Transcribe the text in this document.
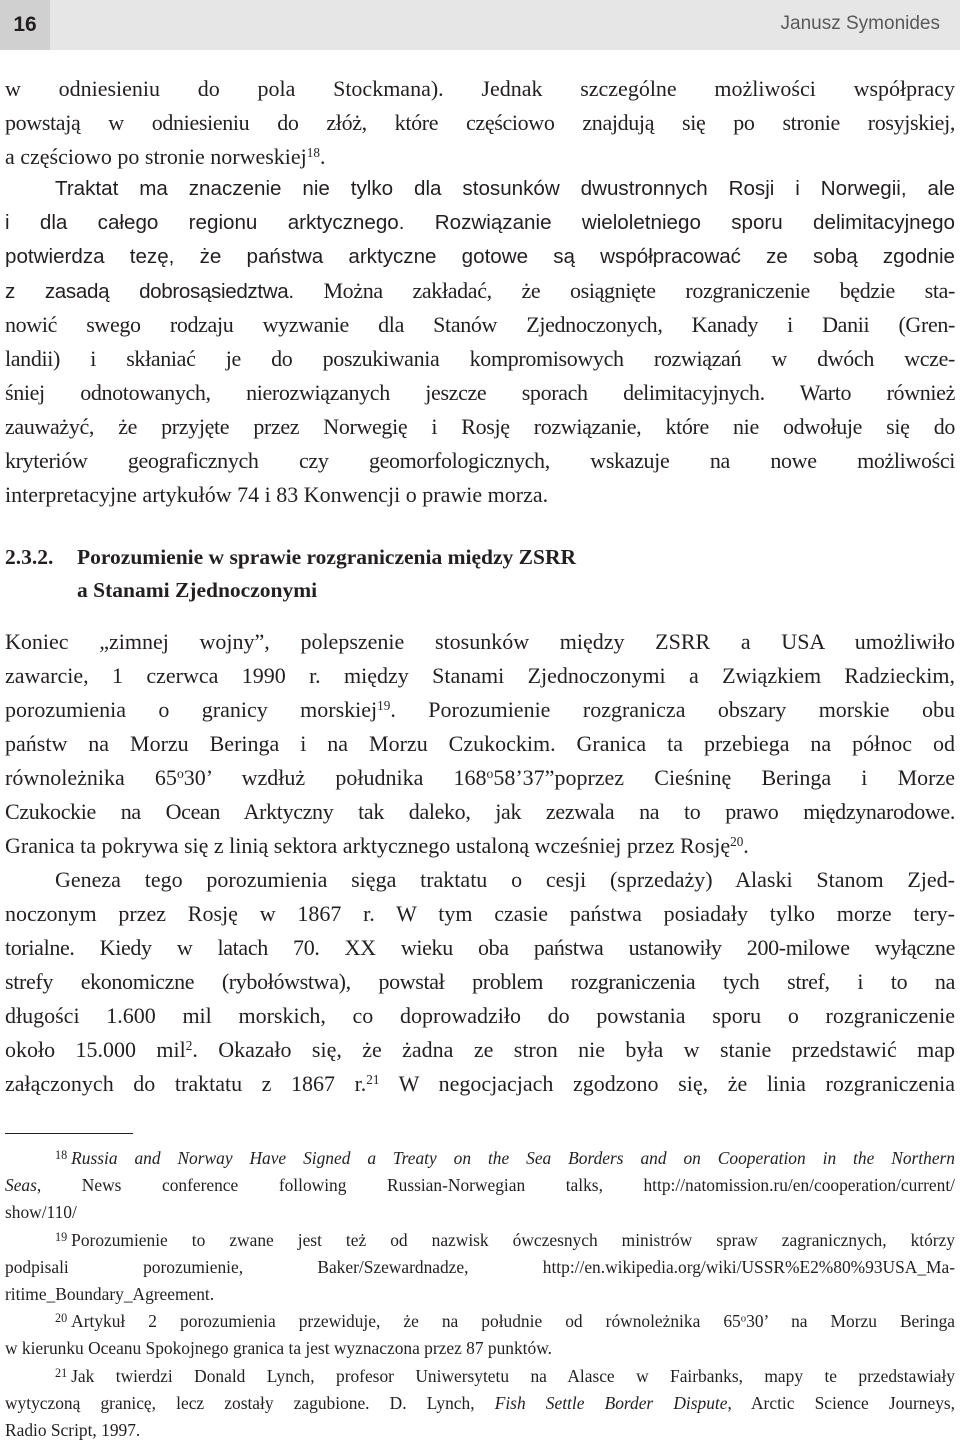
16	Janusz Symonides
w odniesieniu do pola Stockmana). Jednak szczególne możliwości współpracy
powstają w odniesieniu do złóż, które częściowo znajdują się po stronie rosyjskiej,
a częściowo po stronie norweskiej$^{18}$.
Traktat ma znaczenie nie tylko dla stosunków dwustronnych Rosji i Norwegii, ale
i dla całego regionu arktycznego. Rozwiązanie wieloletniego sporu delimitacyjnego
potwierdza tezę, że państwa arktyczne gotowe są współpracować ze sobą zgodnie
z zasadą dobrosąsiedztwa. Można zakładać, że osiągnięte rozgraniczenie będzie sta-
nowić swego rodzaju wyzwanie dla Stanów Zjednoczonych, Kanady i Danii (Gren-
landii) i skłaniać je do poszukiwania kompromisowych rozwiązań w dwóch wcze-
śniej odnotowanych, nierozwiązanych jeszcze sporach delimitacyjnych. Warto również
zauważyć, że przyjęte przez Norwegię i Rosję rozwiązanie, które nie odwołuje się do
kryteriów geograficznych czy geomorfologicznych, wskazuje na nowe możliwości
interpretacyjne artykułów 74 i 83 Konwencji o prawie morza.
2.3.2. Porozumienie w sprawie rozgraniczenia między ZSRR
a Stanami Zjednoczonymi
Koniec „zimnej wojny”, polepszenie stosunków między ZSRR a USA umożliwiło
zawarcie, 1 czerwca 1990 r. między Stanami Zjednoczonymi a Związkiem Radzieckim,
porozumienia o granicy morskiej$^{19}$. Porozumienie rozgranicza obszary morskie obu
państw na Morzu Beringa i na Morzu Czukockim. Granica ta przebiega na północ od
równoleżnika 65$^o$30’ wzdłuż południka 168$^o$58’37”poprzez Cieśninę Beringa i Morze
Czukockie na Ocean Arktyczny tak daleko, jak zezwala na to prawo międzynarodowe.
Granica ta pokrywa się z linią sektora arktycznego ustaloną wcześniej przez Rosję$^{20}$.
Geneza tego porozumienia sięga traktatu o cesji (sprzedaży) Alaski Stanom Zjed-
noczonym przez Rosję w 1867 r. W tym czasie państwa posiadały tylko morze tery-
torialne. Kiedy w latach 70. XX wieku oba państwa ustanowiły 200-milowe wyłączne
strefy ekonomiczne (rybołówstwa), powstał problem rozgraniczenia tych stref, i to na
długości 1.600 mil morskich, co doprowadziło do powstania sporu o rozgraniczenie
około 15.000 mil$^2$. Okazało się, że żadna ze stron nie była w stanie przedstawić map
załączonych do traktatu z 1867 r.$^{21}$ W negocjacjach zgodzono się, że linia rozgraniczenia
$^{18}$ Russia and Norway Have Signed a Treaty on the Sea Borders and on Cooperation in the Northern
Seas, News conference following Russian-Norwegian talks, http://natomission.ru/en/cooperation/current/
show/110/
$^{19}$ Porozumienie to zwane jest też od nazwisk ówczesnych ministrów spraw zagranicznych, którzy
podpisali porozumienie, Baker/Szewardnadze, http://en.wikipedia.org/wiki/USSR%E2%80%93USA_Ma-
ritime_Boundary_Agreement.
$^{20}$ Artykuł 2 porozumienia przewiduje, że na południe od równoleżnika 65$^o$30’ na Morzu Beringa
w kierunku Oceanu Spokojnego granica ta jest wyznaczona przez 87 punktów.
$^{21}$ Jak twierdzi Donald Lynch, profesor Uniwersytetu na Alasce w Fairbanks, mapy te przedstawiały
wytyczoną granicę, lecz zostały zagubione. D. Lynch, Fish Settle Border Dispute, Arctic Science Journeys,
Radio Script, 1997.
